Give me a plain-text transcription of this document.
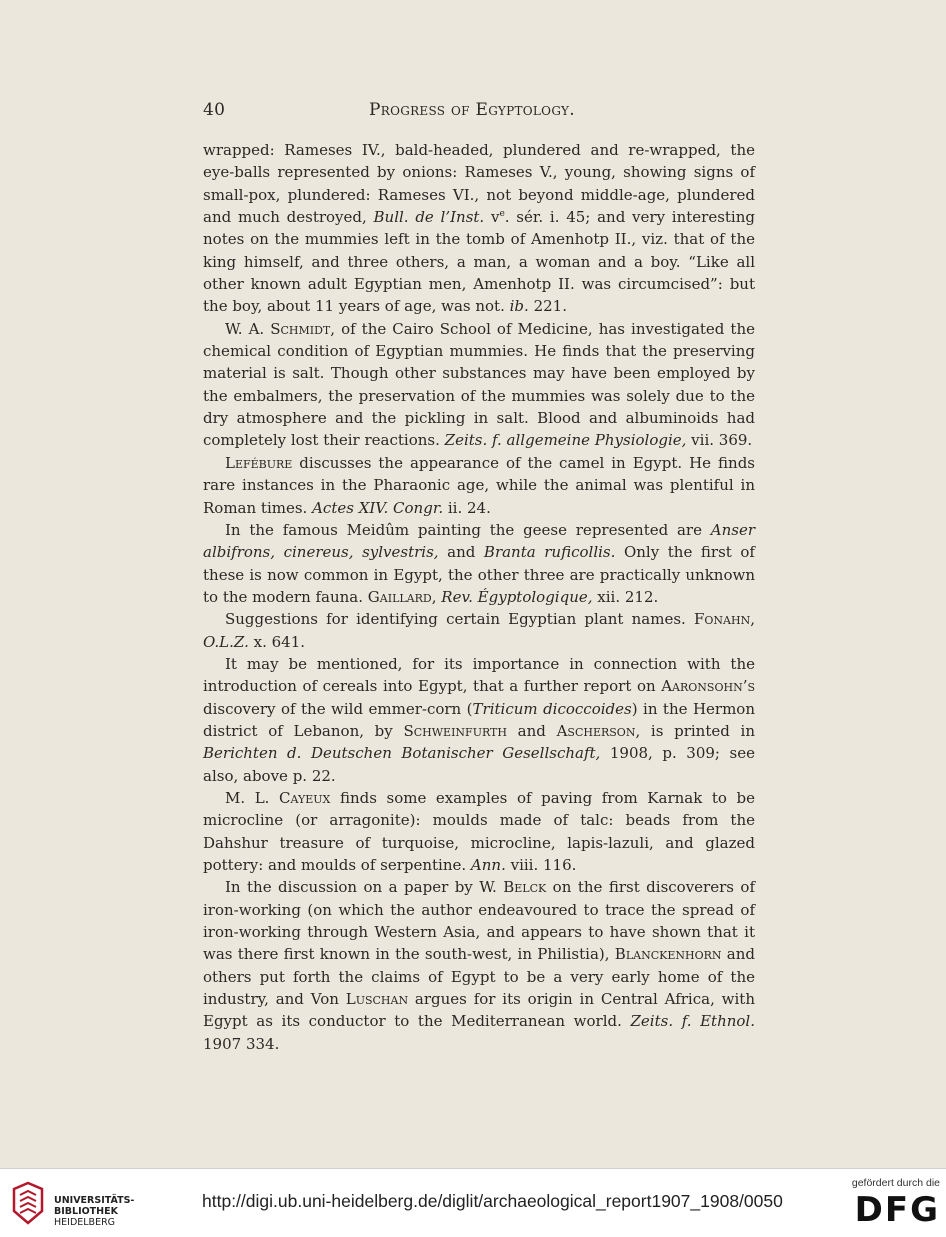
40	Progress of Egyptology.

wrapped: Rameses IV., bald-headed, plundered and re-wrapped, the eye-balls represented by onions: Rameses V., young, showing signs of small-pox, plundered: Rameses VI., not beyond middle-age, plundered and much destroyed, Bull. de l’Inst. $v^e$. sér. i. 45; and very interesting notes on the mummies left in the tomb of Amenhotp II., viz. that of the king himself, and three others, a man, a woman and a boy. “Like all other known adult Egyptian men, Amenhotp II. was circumcised”: but the boy, about 11 years of age, was not. ib. 221.

W. A. Schmidt, of the Cairo School of Medicine, has investigated the chemical condition of Egyptian mummies. He finds that the preserving material is salt. Though other substances may have been employed by the embalmers, the preservation of the mummies was solely due to the dry atmosphere and the pickling in salt. Blood and albuminoids had completely lost their reactions. Zeits. f. allgemeine Physiologie, vii. 369.

Lefébure discusses the appearance of the camel in Egypt. He finds rare instances in the Pharaonic age, while the animal was plentiful in Roman times. Actes XIV. Congr. ii. 24.

In the famous Meidûm painting the geese represented are Anser albifrons, cinereus, sylvestris, and Branta ruficollis. Only the first of these is now common in Egypt, the other three are practically unknown to the modern fauna. Gaillard, Rev. Égyptologique, xii. 212.

Suggestions for identifying certain Egyptian plant names. Fonahn, O.L.Z. x. 641.

It may be mentioned, for its importance in connection with the introduction of cereals into Egypt, that a further report on Aaronsohn’s discovery of the wild emmer-corn (Triticum dicoccoides) in the Hermon district of Lebanon, by Schweinfurth and Ascherson, is printed in Berichten d. Deutschen Botanischer Gesellschaft, 1908, p. 309; see also, above p. 22.

M. L. Cayeux finds some examples of paving from Karnak to be microcline (or arragonite): moulds made of talc: beads from the Dahshur treasure of turquoise, microcline, lapis-lazuli, and glazed pottery: and moulds of serpentine. Ann. viii. 116.

In the discussion on a paper by W. Belck on the first discoverers of iron-working (on which the author endeavoured to trace the spread of iron-working through Western Asia, and appears to have shown that it was there first known in the south-west, in Philistia), Blanckenhorn and others put forth the claims of Egypt to be a very early home of the industry, and Von Luschan argues for its origin in Central Africa, with Egypt as its conductor to the Mediterranean world. Zeits. f. Ethnol. 1907 334.

UNIVERSITÄTS-
BIBLIOTHEK
HEIDELBERG
http://digi.ub.uni-heidelberg.de/diglit/archaeological_report1907_1908/0050
gefördert durch die
DFG
